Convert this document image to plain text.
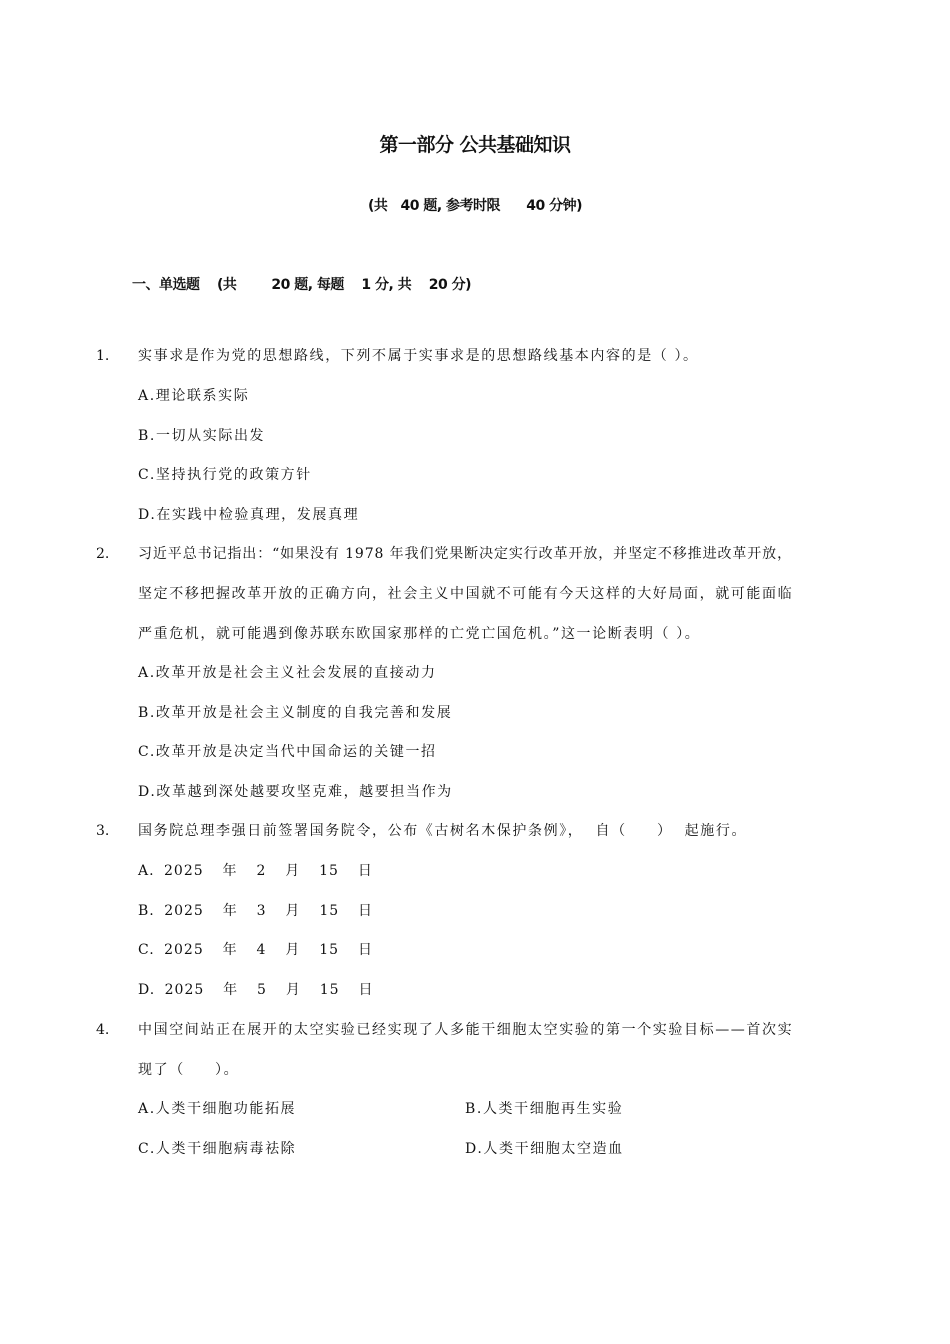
第一部分 公共基础知识
(共   40 题, 参考时限      40 分钟)
一、单选题    (共        20 题, 每题    1 分, 共    20 分)
1. 实事求是作为党的思想路线，下列不属于实事求是的思想路线基本内容的是（ ）。
A.理论联系实际
B.一切从实际出发
C.坚持执行党的政策方针
D.在实践中检验真理，发展真理
2. 习近平总书记指出：“如果没有 1978 年我们党果断决定实行改革开放，并坚定不移推进改革开放，
坚定不移把握改革开放的正确方向，社会主义中国就不可能有今天这样的大好局面，就可能面临
严重危机，就可能遇到像苏联东欧国家那样的亡党亡国危机。”这一论断表明（ ）。
A.改革开放是社会主义社会发展的直接动力
B.改革开放是社会主义制度的自我完善和发展
C.改革开放是决定当代中国命运的关键一招
D.改革越到深处越要攻坚克难，越要担当作为
3. 国务院总理李强日前签署国务院令，公布《古树名木保护条例》，  自（     ）  起施行。
A. 2025  年  2  月  15  日
B. 2025  年  3  月  15  日
C. 2025  年  4  月  15  日
D. 2025  年  5  月  15  日
4. 中国空间站正在展开的太空实验已经实现了人多能干细胞太空实验的第一个实验目标——首次实
现了（     ）。
A.人类干细胞功能拓展	B.人类干细胞再生实验
C.人类干细胞病毒祛除	D.人类干细胞太空造血
